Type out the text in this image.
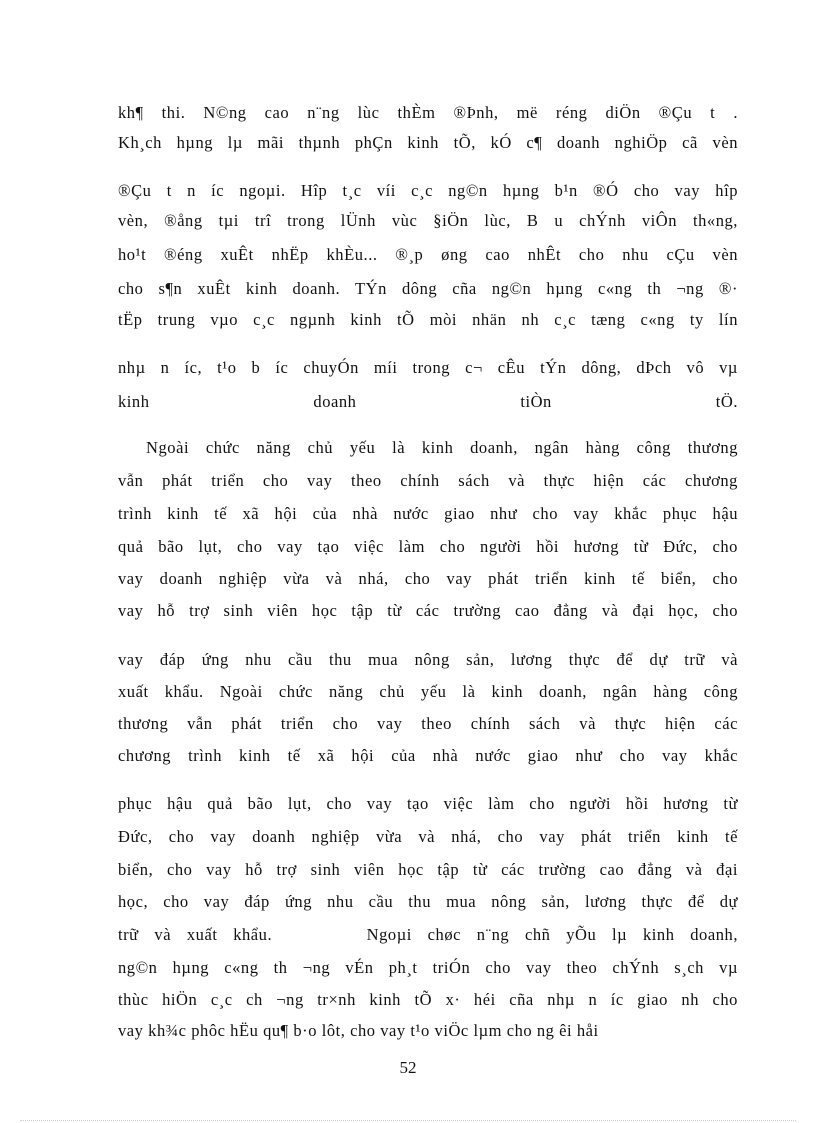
kh¶ thi. N©ng cao n¨ng lùc thÈm ®Þnh, më réng diÖn ®Çu t .
Kh¸ch hµng lµ mãi thµnh phÇn kinh tÕ, kÓ c¶ doanh nghiÖp cã vèn
®Çu t n íc ngoµi. Hîp t¸c víi c¸c ng©n hµng b¹n ®Ó cho vay hîp
vèn, ®ång tµi trî trong lÜnh vùc §iÖn lùc, B u chÝnh viÔn th«ng,
ho¹t ®éng xuÊt nhËp khÈu... ®¸p øng cao nhÊt cho nhu cÇu vèn
cho s¶n xuÊt kinh doanh. TÝn dông cña ng©n hµng c«ng th ¬ng ®·
tËp trung vµo c¸c ngµnh kinh tÕ mòi nhän nh c¸c tæng c«ng ty lín
nhµ n íc, t¹o b íc chuyÓn míi trong c¬ cÊu tÝn dông, dÞch vô vµ
kinh doanh tiÒn tÖ.
Ngoài chức năng chủ yếu là kinh doanh, ngân hàng công thương
vẫn phát triển cho vay theo chính sách và thực hiện các chương
trình kinh tế xã hội của nhà nước giao như cho vay khắc phục hậu
quả bão lụt, cho vay tạo việc làm cho người hồi hương từ Đức, cho
vay doanh nghiệp vừa và nhá, cho vay phát triển kinh tế biển, cho
vay hỗ trợ sinh viên học tập từ các trường cao đẳng và đại học, cho
vay đáp ứng nhu cầu thu mua nông sản, lương thực để dự trữ và
xuất khẩu. Ngoài chức năng chủ yếu là kinh doanh, ngân hàng công
thương vẫn phát triển cho vay theo chính sách và thực hiện các
chương trình kinh tế xã hội của nhà nước giao như cho vay khắc
phục hậu quả bão lụt, cho vay tạo việc làm cho người hồi hương từ
Đức, cho vay doanh nghiệp vừa và nhá, cho vay phát triển kinh tế
biển, cho vay hỗ trợ sinh viên học tập từ các trường cao đẳng và đại
học, cho vay đáp ứng nhu cầu thu mua nông sản, lương thực để dự
trữ và xuất khẩu.      Ngoµi chøc n¨ng chñ yÕu lµ kinh doanh,
ng©n hµng c«ng th ¬ng vÉn ph¸t triÓn cho vay theo chÝnh s¸ch vµ
thùc hiÖn c¸c ch ¬ng tr×nh kinh tÕ x· héi cña nhµ n íc giao nh cho
vay kh¾c phôc hËu qu¶ b·o lôt, cho vay t¹o viÖc lµm cho ng êi håi
52
